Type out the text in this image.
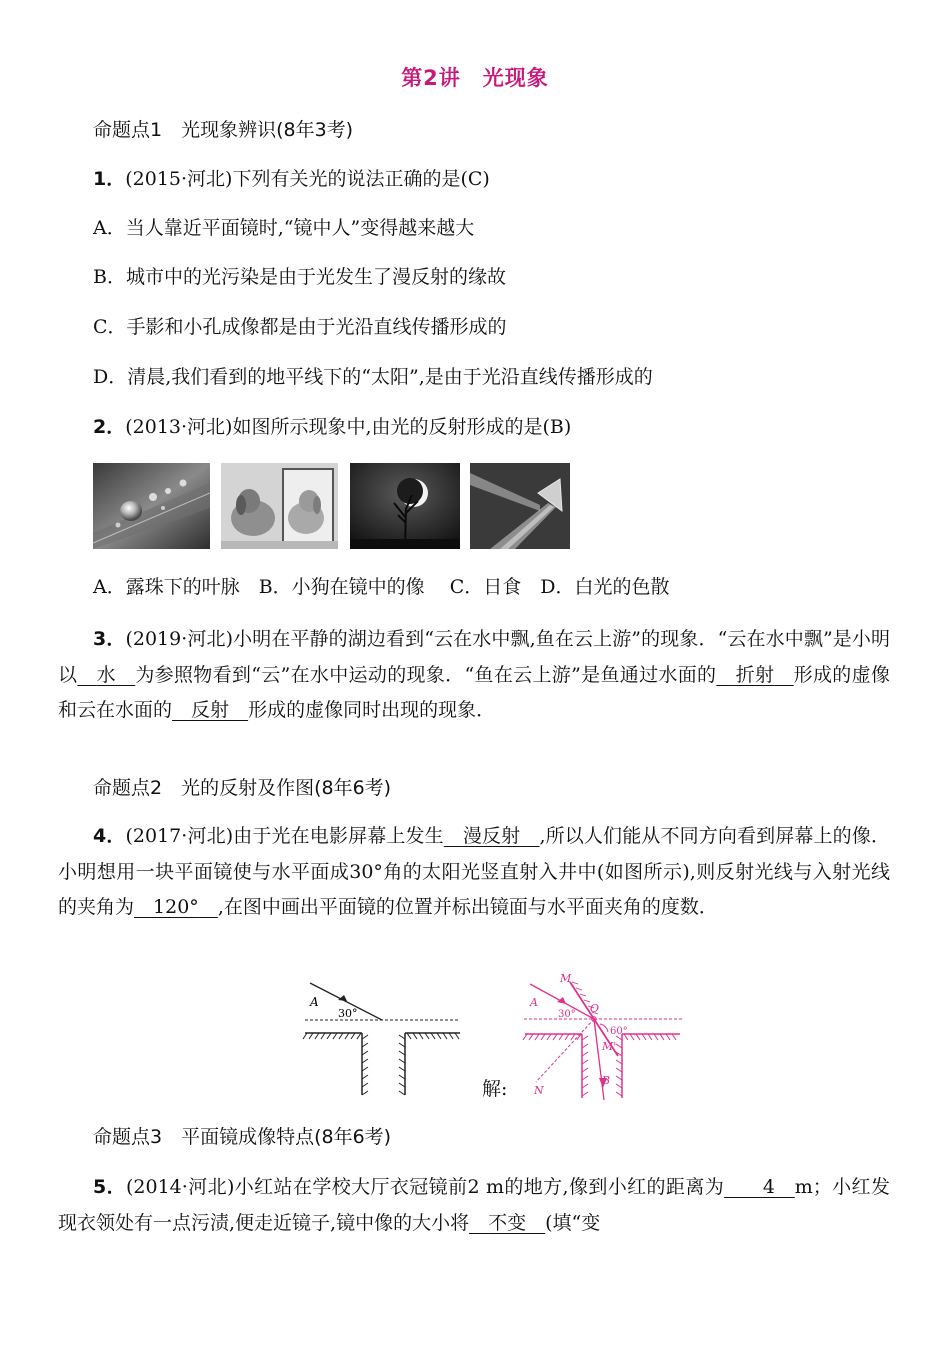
第2讲　光现象
命题点1　光现象辨识(8年3考)
1．(2015·河北)下列有关光的说法正确的是(C)
A．当人靠近平面镜时,“镜中人”变得越来越大
B．城市中的光污染是由于光发生了漫反射的缘故
C．手影和小孔成像都是由于光沿直线传播形成的
D．清晨,我们看到的地平线下的“太阳”,是由于光沿直线传播形成的
2．(2013·河北)如图所示现象中,由光的反射形成的是(B)
A．露珠下的叶脉　B．小狗在镜中的像　 C．日食　D．白光的色散
3．(2019·河北)小明在平静的湖边看到“云在水中飘,鱼在云上游”的现象．“云在水中飘”是小明以　 水　 为参照物看到“云”在水中运动的现象．“鱼在云上游”是鱼通过水面的　 折射　 形成的虚像和云在水面的　 反射　 形成的虚像同时出现的现象．
命题点2　光的反射及作图(8年6考)
4．(2017·河北)由于光在电影屏幕上发生　 漫反射　 ,所以人们能从不同方向看到屏幕上的像．小明想用一块平面镜使与水平面成30°角的太阳光竖直射入井中(如图所示),则反射光线与入射光线的夹角为　 120°　 ,在图中画出平面镜的位置并标出镜面与水平面夹角的度数．
A
30°
解:
A
M
O
M'
B
N
30°
60°
命题点3　平面镜成像特点(8年6考)
5．(2014·河北)小红站在学校大厅衣冠镜前2 m的地方,像到小红的距离为　　 4　 m；小红发现衣领处有一点污渍,便走近镜子,镜中像的大小将　 不变　 (填“变
